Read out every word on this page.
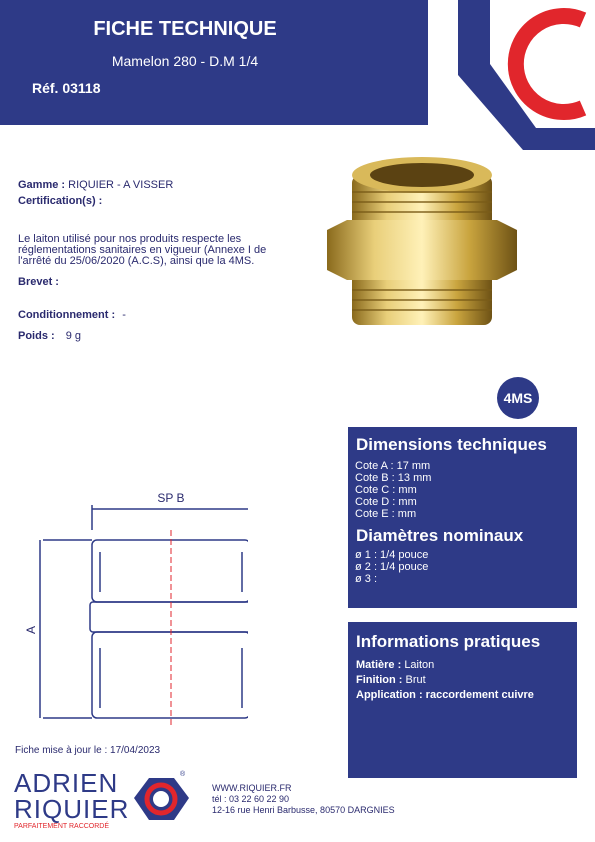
FICHE TECHNIQUE
Mamelon 280 - D.M 1/4
Réf. 03118
Gamme : RIQUIER - A VISSER
Certification(s) :
Le laiton utilisé pour nos produits respecte les réglementations sanitaires en vigueur (Annexe I de l'arrêté du 25/06/2020 (A.C.S), ainsi que la 4MS.
Brevet :
Conditionnement : -
Poids : 9 g
4MS
SP B
A
Dimensions techniques
Cote A : 17 mm
Cote B : 13 mm
Cote C : mm
Cote D : mm
Cote E : mm
Diamètres nominaux
ø 1 : 1/4 pouce
ø 2 : 1/4 pouce
ø 3 :
Informations pratiques
Matière : Laiton
Finition : Brut
Application : raccordement cuivre
Fiche mise à jour le : 17/04/2023
ADRIEN
RIQUIER
PARFAITEMENT RACCORDÉ
®
WWW.RIQUIER.FR
tél : 03 22 60 22 90
12-16 rue Henri Barbusse, 80570 DARGNIES
